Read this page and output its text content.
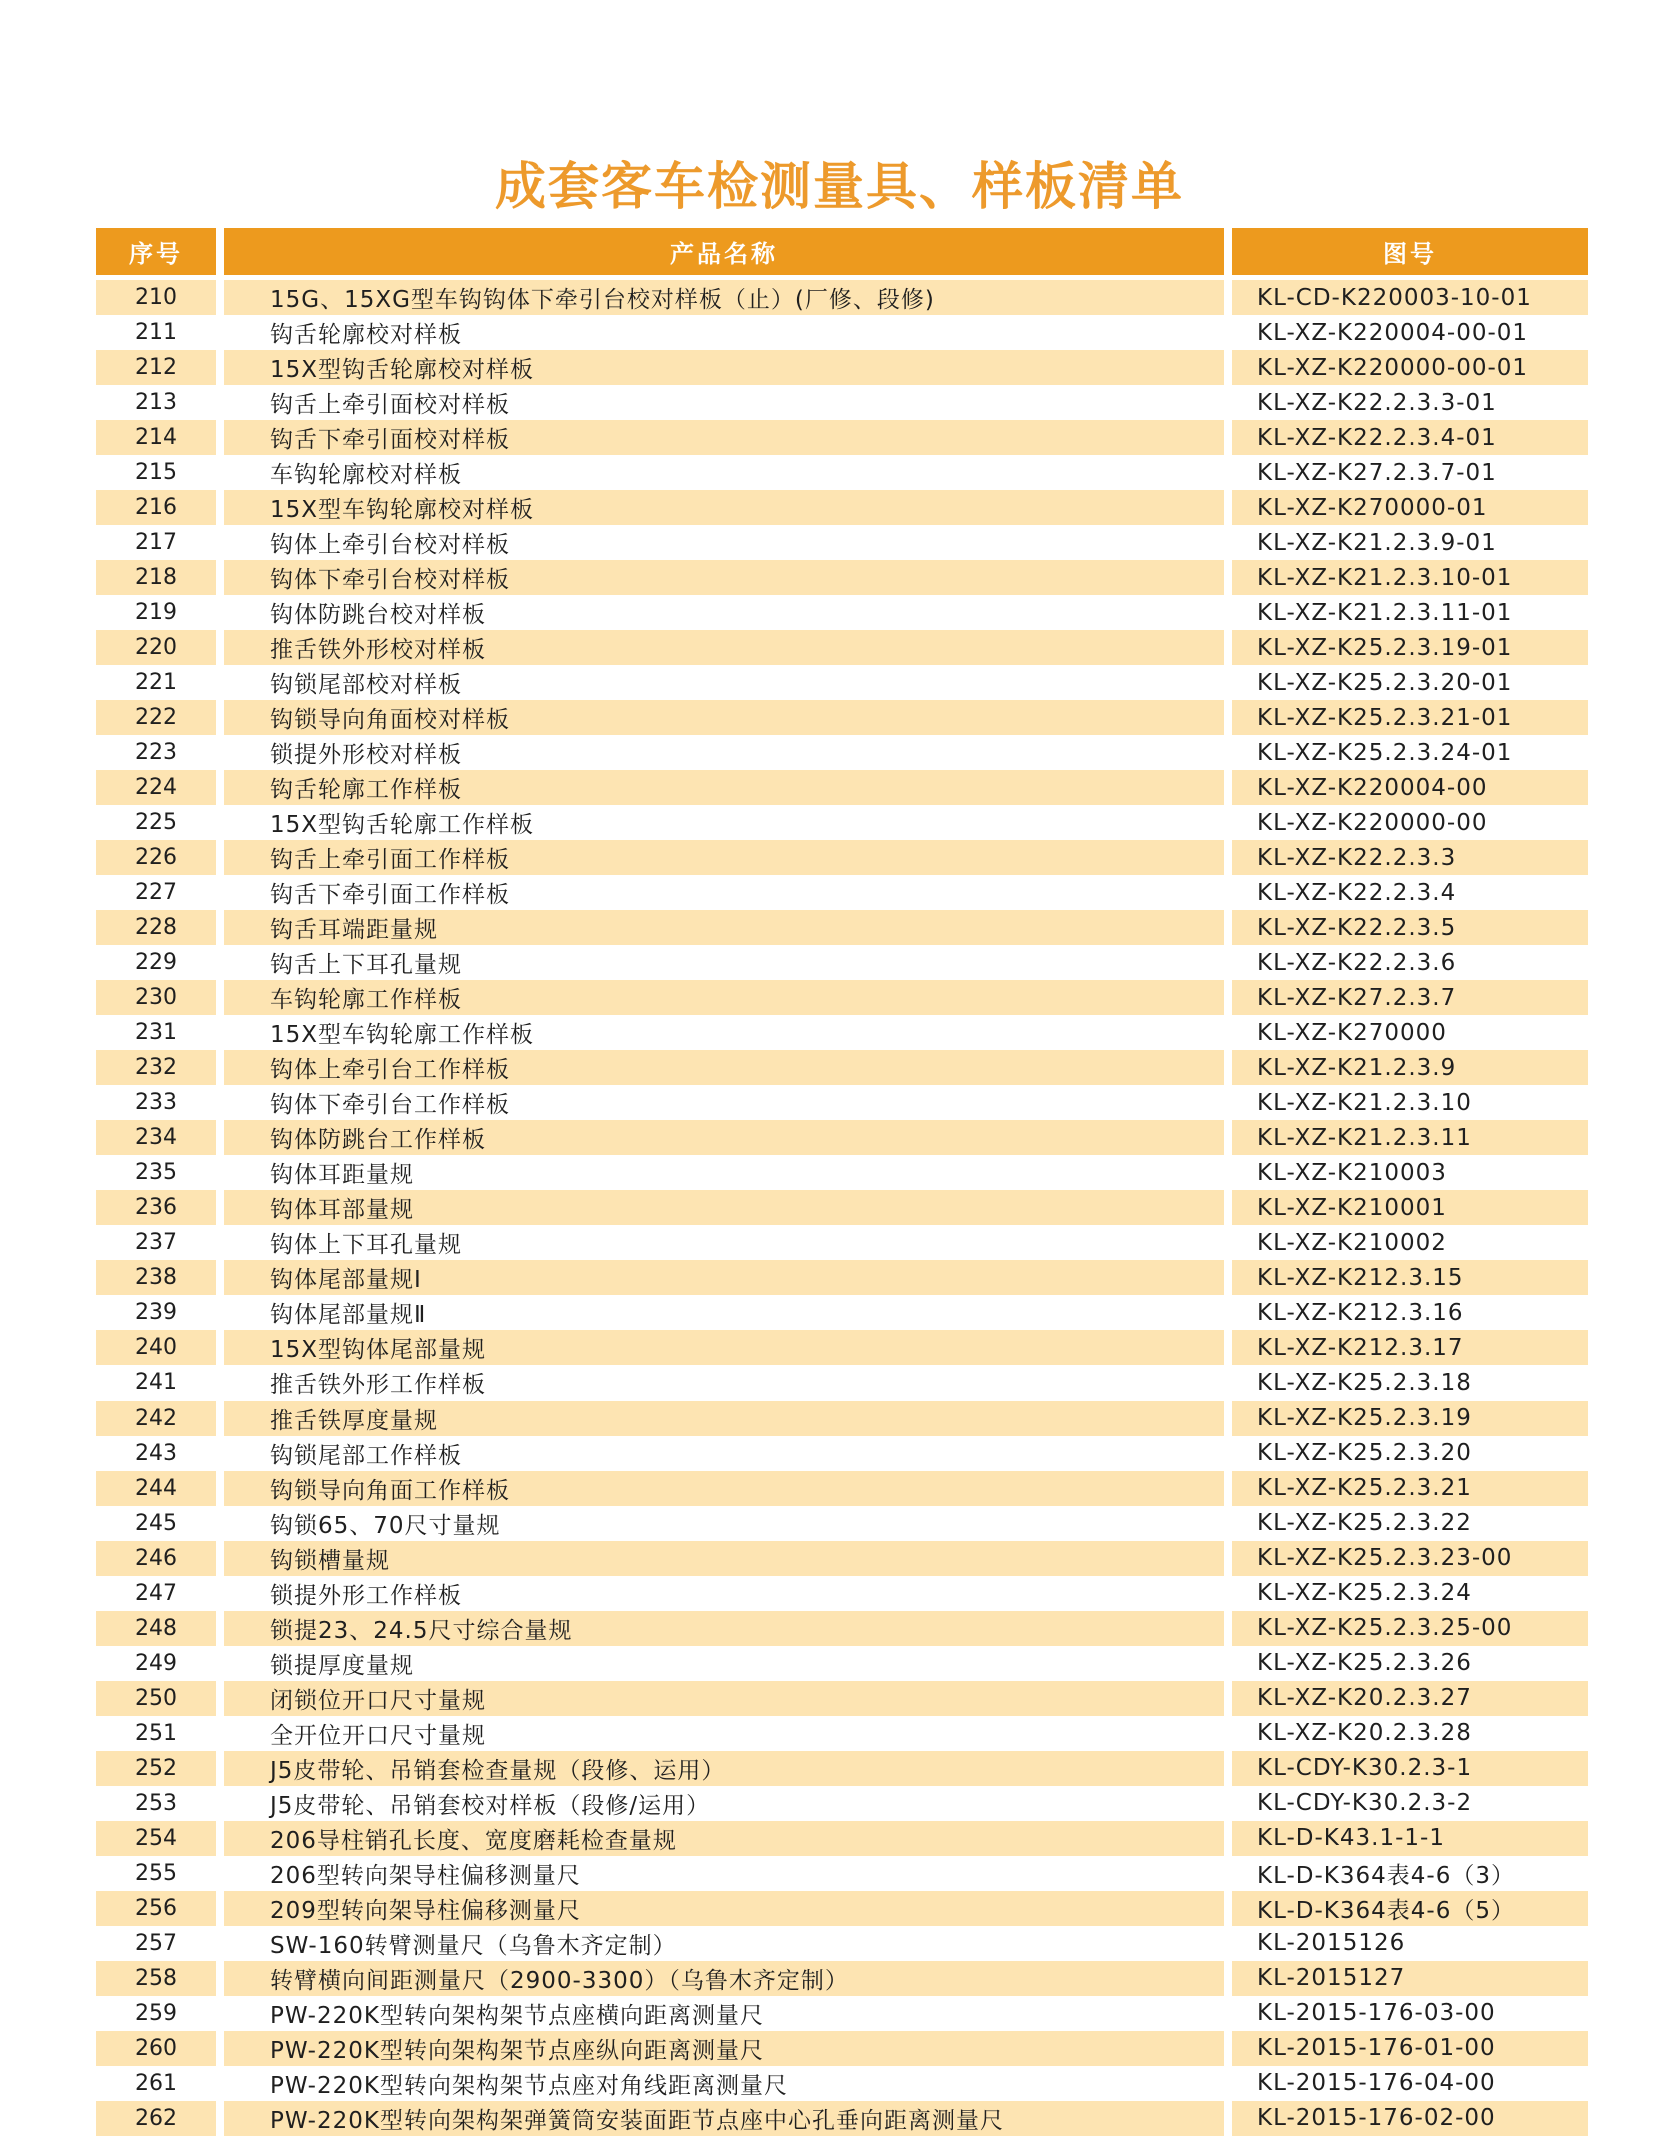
成套客车检测量具、样板清单
序号	产品名称	图号
210	15G、15XG型车钩钩体下牵引台校对样板（止）(厂修、段修)	KL-CD-K220003-10-01
211	钩舌轮廓校对样板	KL-XZ-K220004-00-01
212	15X型钩舌轮廓校对样板	KL-XZ-K220000-00-01
213	钩舌上牵引面校对样板	KL-XZ-K22.2.3.3-01
214	钩舌下牵引面校对样板	KL-XZ-K22.2.3.4-01
215	车钩轮廓校对样板	KL-XZ-K27.2.3.7-01
216	15X型车钩轮廓校对样板	KL-XZ-K270000-01
217	钩体上牵引台校对样板	KL-XZ-K21.2.3.9-01
218	钩体下牵引台校对样板	KL-XZ-K21.2.3.10-01
219	钩体防跳台校对样板	KL-XZ-K21.2.3.11-01
220	推舌铁外形校对样板	KL-XZ-K25.2.3.19-01
221	钩锁尾部校对样板	KL-XZ-K25.2.3.20-01
222	钩锁导向角面校对样板	KL-XZ-K25.2.3.21-01
223	锁提外形校对样板	KL-XZ-K25.2.3.24-01
224	钩舌轮廓工作样板	KL-XZ-K220004-00
225	15X型钩舌轮廓工作样板	KL-XZ-K220000-00
226	钩舌上牵引面工作样板	KL-XZ-K22.2.3.3
227	钩舌下牵引面工作样板	KL-XZ-K22.2.3.4
228	钩舌耳端距量规	KL-XZ-K22.2.3.5
229	钩舌上下耳孔量规	KL-XZ-K22.2.3.6
230	车钩轮廓工作样板	KL-XZ-K27.2.3.7
231	15X型车钩轮廓工作样板	KL-XZ-K270000
232	钩体上牵引台工作样板	KL-XZ-K21.2.3.9
233	钩体下牵引台工作样板	KL-XZ-K21.2.3.10
234	钩体防跳台工作样板	KL-XZ-K21.2.3.11
235	钩体耳距量规	KL-XZ-K210003
236	钩体耳部量规	KL-XZ-K210001
237	钩体上下耳孔量规	KL-XZ-K210002
238	钩体尾部量规Ⅰ	KL-XZ-K212.3.15
239	钩体尾部量规Ⅱ	KL-XZ-K212.3.16
240	15X型钩体尾部量规	KL-XZ-K212.3.17
241	推舌铁外形工作样板	KL-XZ-K25.2.3.18
242	推舌铁厚度量规	KL-XZ-K25.2.3.19
243	钩锁尾部工作样板	KL-XZ-K25.2.3.20
244	钩锁导向角面工作样板	KL-XZ-K25.2.3.21
245	钩锁65、70尺寸量规	KL-XZ-K25.2.3.22
246	钩锁槽量规	KL-XZ-K25.2.3.23-00
247	锁提外形工作样板	KL-XZ-K25.2.3.24
248	锁提23、24.5尺寸综合量规	KL-XZ-K25.2.3.25-00
249	锁提厚度量规	KL-XZ-K25.2.3.26
250	闭锁位开口尺寸量规	KL-XZ-K20.2.3.27
251	全开位开口尺寸量规	KL-XZ-K20.2.3.28
252	J5皮带轮、吊销套检查量规（段修、运用）	KL-CDY-K30.2.3-1
253	J5皮带轮、吊销套校对样板（段修/运用）	KL-CDY-K30.2.3-2
254	206导柱销孔长度、宽度磨耗检查量规	KL-D-K43.1-1-1
255	206型转向架导柱偏移测量尺	KL-D-K364表4-6（3）
256	209型转向架导柱偏移测量尺	KL-D-K364表4-6（5）
257	SW-160转臂测量尺（乌鲁木齐定制）	KL-2015126
258	转臂横向间距测量尺（2900-3300）（乌鲁木齐定制）	KL-2015127
259	PW-220K型转向架构架节点座横向距离测量尺	KL-2015-176-03-00
260	PW-220K型转向架构架节点座纵向距离测量尺	KL-2015-176-01-00
261	PW-220K型转向架构架节点座对角线距离测量尺	KL-2015-176-04-00
262	PW-220K型转向架构架弹簧筒安装面距节点座中心孔垂向距离测量尺	KL-2015-176-02-00
